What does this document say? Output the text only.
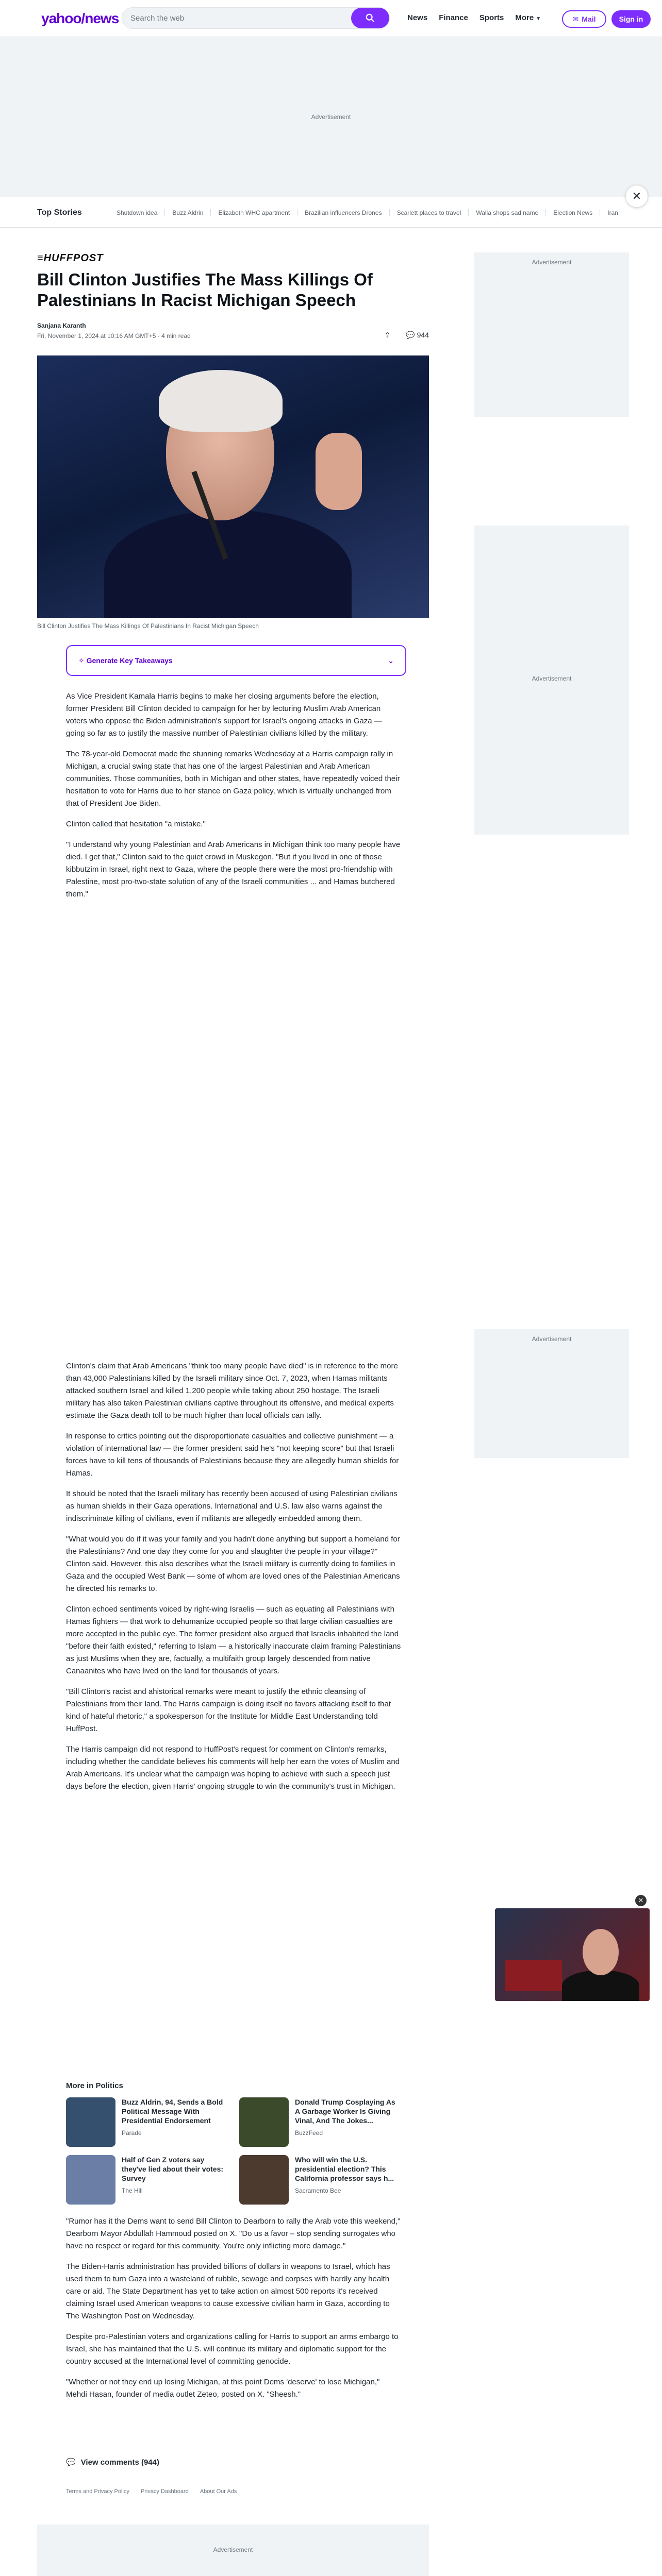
yahoo/news Search the web	News Finance Sports More ▼	✉ Mail	Sign in
Advertisement
Top Stories	Shutdown idea	Buzz Aldrin	Elizabeth WHC apartment	Brazilian influencers Drones	Scarlett places to travel	Walla shops sad name	Election News	Iran
✕
≡HUFFPOST
Bill Clinton Justifies The Mass Killings Of Palestinians In Racist Michigan Speech
Sanjana Karanth
Fri, November 1, 2024 at 10:16 AM GMT+5 · 4 min read	⇪ 💬 944
Bill Clinton Justifies The Mass Killings Of Palestinians In Racist Michigan Speech
✧ Generate Key Takeaways	⌄
Advertisement
Advertisement
Advertisement

As Vice President Kamala Harris begins to make her closing arguments before the election, former President Bill Clinton decided to campaign for her by lecturing Muslim Arab American voters who oppose the Biden administration's support for Israel's ongoing attacks in Gaza — going so far as to justify the massive number of Palestinian civilians killed by the military.

The 78-year-old Democrat made the stunning remarks Wednesday at a Harris campaign rally in Michigan, a crucial swing state that has one of the largest Palestinian and Arab American communities. Those communities, both in Michigan and other states, have repeatedly voiced their hesitation to vote for Harris due to her stance on Gaza policy, which is virtually unchanged from that of President Joe Biden.

Clinton called that hesitation "a mistake."

"I understand why young Palestinian and Arab Americans in Michigan think too many people have died. I get that," Clinton said to the quiet crowd in Muskegon. "But if you lived in one of those kibbutzim in Israel, right next to Gaza, where the people there were the most pro-friendship with Palestine, most pro-two-state solution of any of the Israeli communities ... and Hamas butchered them."

Clinton's claim that Arab Americans "think too many people have died" is in reference to the more than 43,000 Palestinians killed by the Israeli military since Oct. 7, 2023, when Hamas militants attacked southern Israel and killed 1,200 people while taking about 250 hostage. The Israeli military has also taken Palestinian civilians captive throughout its offensive, and medical experts estimate the Gaza death toll to be much higher than local officials can tally.

In response to critics pointing out the disproportionate casualties and collective punishment — a violation of international law — the former president said he's "not keeping score" but that Israeli forces have to kill tens of thousands of Palestinians because they are allegedly human shields for Hamas.

It should be noted that the Israeli military has recently been accused of using Palestinian civilians as human shields in their Gaza operations. International and U.S. law also warns against the indiscriminate killing of civilians, even if militants are allegedly embedded among them.

"What would you do if it was your family and you hadn't done anything but support a homeland for the Palestinians? And one day they come for you and slaughter the people in your village?" Clinton said. However, this also describes what the Israeli military is currently doing to families in Gaza and the occupied West Bank — some of whom are loved ones of the Palestinian Americans he directed his remarks to.

Clinton echoed sentiments voiced by right-wing Israelis — such as equating all Palestinians with Hamas fighters — that work to dehumanize occupied people so that large civilian casualties are more accepted in the public eye. The former president also argued that Israelis inhabited the land "before their faith existed," referring to Islam — a historically inaccurate claim framing Palestinians as just Muslims when they are, factually, a multifaith group largely descended from native Canaanites who have lived on the land for thousands of years.

"Bill Clinton's racist and ahistorical remarks were meant to justify the ethnic cleansing of Palestinians from their land. The Harris campaign is doing itself no favors attacking itself to that kind of hateful rhetoric," a spokesperson for the Institute for Middle East Understanding told HuffPost.

The Harris campaign did not respond to HuffPost's request for comment on Clinton's remarks, including whether the candidate believes his comments will help her earn the votes of Muslim and Arab Americans. It's unclear what the campaign was hoping to achieve with such a speech just days before the election, given Harris' ongoing struggle to win the community's trust in Michigan.

✕
More in Politics
Buzz Aldrin, 94, Sends a Bold Political Message With Presidential Endorsement
Parade
Donald Trump Cosplaying As A Garbage Worker Is Giving Vinal, And The Jokes...
BuzzFeed
Half of Gen Z voters say they've lied about their votes: Survey
The Hill
Who will win the U.S. presidential election? This California professor says h...
Sacramento Bee

"Rumor has it the Dems want to send Bill Clinton to Dearborn to rally the Arab vote this weekend," Dearborn Mayor Abdullah Hammoud posted on X. "Do us a favor – stop sending surrogates who have no respect or regard for this community. You're only inflicting more damage."

The Biden-Harris administration has provided billions of dollars in weapons to Israel, which has used them to turn Gaza into a wasteland of rubble, sewage and corpses with hardly any health care or aid. The State Department has yet to take action on almost 500 reports it's received claiming Israel used American weapons to cause excessive civilian harm in Gaza, according to The Washington Post on Wednesday.

Despite pro-Palestinian voters and organizations calling for Harris to support an arms embargo to Israel, she has maintained that the U.S. will continue its military and diplomatic support for the country accused at the International level of committing genocide.

"Whether or not they end up losing Michigan, at this point Dems 'deserve' to lose Michigan," Mehdi Hasan, founder of media outlet Zeteo, posted on X. "Sheesh."

💬 View comments (944)
Terms and Privacy Policy Privacy Dashboard About Our Ads
Advertisement
